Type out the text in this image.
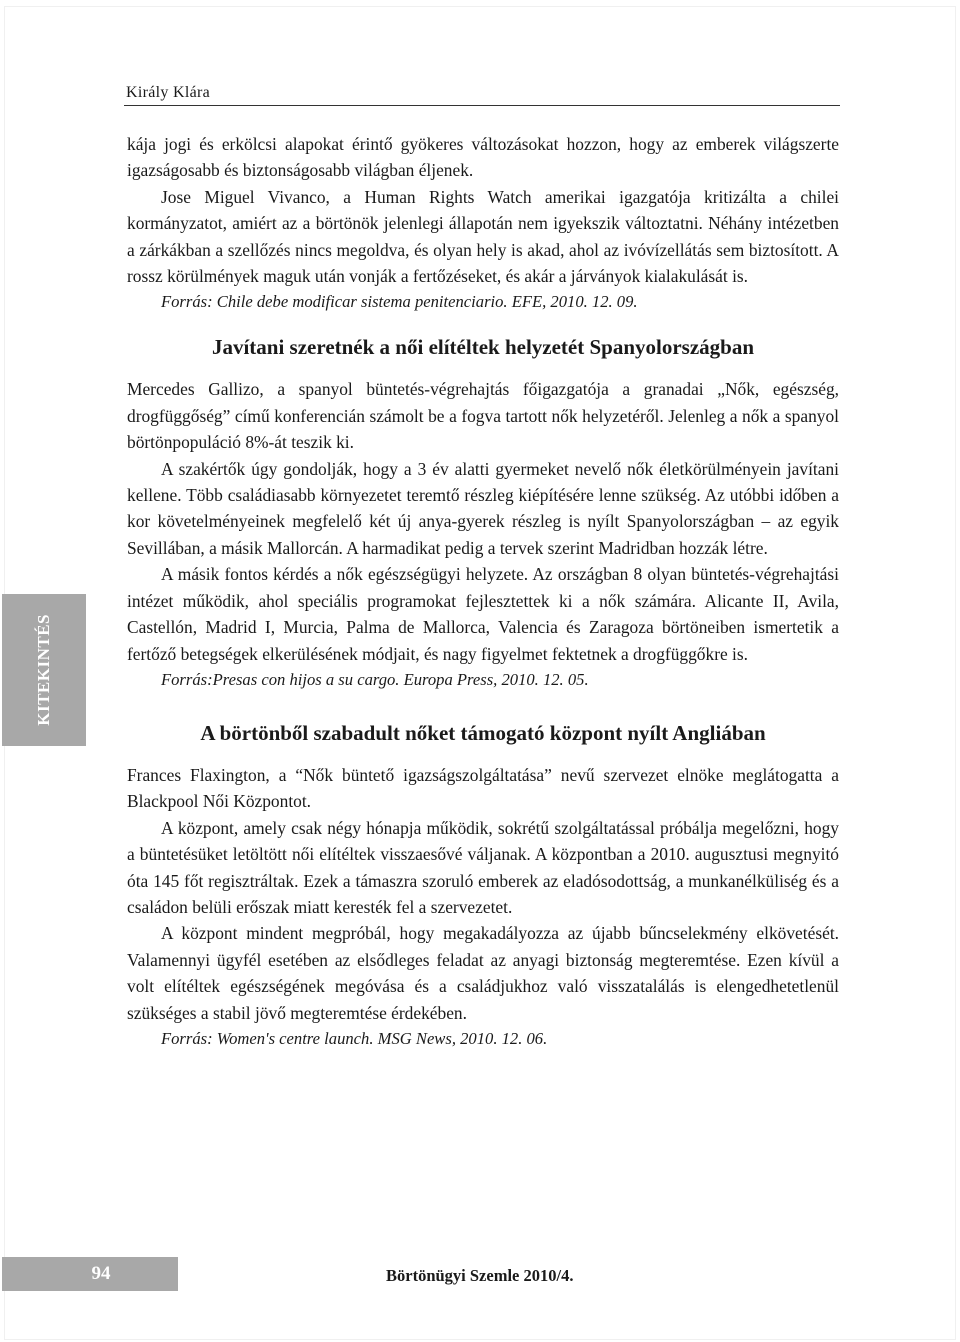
Király Klára
KITEKINTÉS

kája jogi és erkölcsi alapokat érintő gyökeres változásokat hozzon, hogy az emberek világszerte igazságosabb és biztonságosabb világban éljenek.

Jose Miguel Vivanco, a Human Rights Watch amerikai igazgatója kritizálta a chilei kormányzatot, amiért az a börtönök jelenlegi állapotán nem igyekszik változtatni. Néhány intézetben a zárkákban a szellőzés nincs megoldva, és olyan hely is akad, ahol az ivóvízellátás sem biztosított. A rossz körülmények maguk után vonják a fertőzéseket, és akár a járványok kialakulását is.

Forrás: Chile debe modificar sistema penitenciario. EFE, 2010. 12. 09.

Javítani szeretnék a női elítéltek helyzetét Spanyolországban

Mercedes Gallizo, a spanyol büntetés-végrehajtás főigazgatója a granadai „Nők, egészség, drogfüggőség” című konferencián számolt be a fogva tartott nők helyzetéről. Jelenleg a nők a spanyol börtönpopuláció 8%-át teszik ki.

A szakértők úgy gondolják, hogy a 3 év alatti gyermeket nevelő nők életkörülményein javítani kellene. Több családiasabb környezetet teremtő részleg kiépítésére lenne szükség. Az utóbbi időben a kor követelményeinek megfelelő két új anya-gyerek részleg is nyílt Spanyolországban – az egyik Sevillában, a másik Mallorcán. A harmadikat pedig a tervek szerint Madridban hozzák létre.

A másik fontos kérdés a nők egészségügyi helyzete. Az országban 8 olyan büntetés-végrehajtási intézet működik, ahol speciális programokat fejlesztettek ki a nők számára. Alicante II, Avila, Castellón, Madrid I, Murcia, Palma de Mallorca, Valencia és Zaragoza börtöneiben ismertetik a fertőző betegségek elkerülésének módjait, és nagy figyelmet fektetnek a drogfüggőkre is.

Forrás:Presas con hijos a su cargo. Europa Press, 2010. 12. 05.

A börtönből szabadult nőket támogató központ nyílt Angliában

Frances Flaxington, a “Nők büntető igazságszolgáltatása” nevű szervezet elnöke meglátogatta a Blackpool Női Központot.

A központ, amely csak négy hónapja működik, sokrétű szolgáltatással próbálja megelőzni, hogy a büntetésüket letöltött női elítéltek visszaesővé váljanak. A központban a 2010. augusztusi megnyitó óta 145 főt regisztráltak. Ezek a támaszra szoruló emberek az eladósodottság, a munkanélküliség és a családon belüli erőszak miatt keresték fel a szervezetet.

A központ mindent megpróbál, hogy megakadályozza az újabb bűncselekmény elkövetését. Valamennyi ügyfél esetében az elsődleges feladat az anyagi biztonság megteremtése. Ezen kívül a volt elítéltek egészségének megóvása és a családjukhoz való visszatalálás is elengedhetetlenül szükséges a stabil jövő megteremtése érdekében.

Forrás: Women's centre launch. MSG News, 2010. 12. 06.

94	Börtönügyi Szemle 2010/4.
